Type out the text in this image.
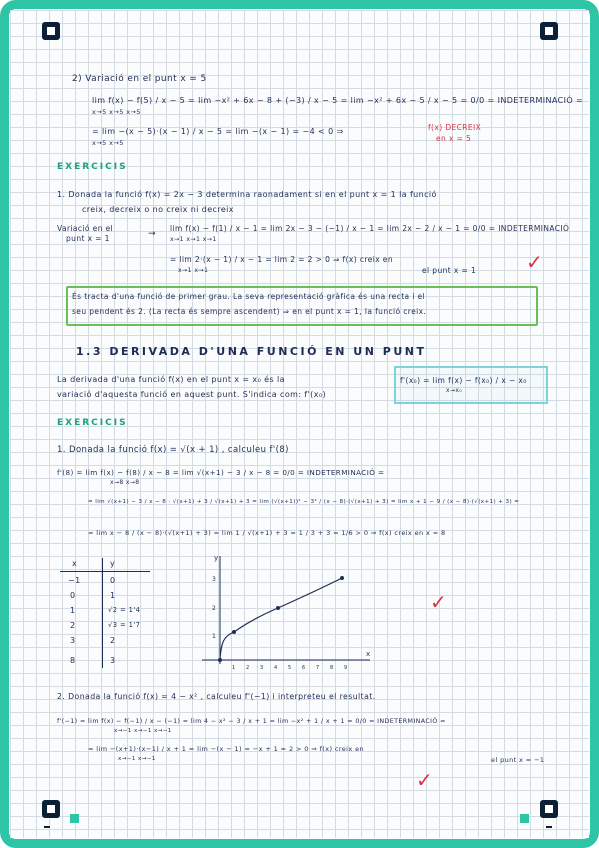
2) Variació en el punt x = 5
lim f(x) − f(5) / x − 5 = lim −x² + 6x − 8 + (−3) / x − 5 = lim −x² + 6x − 5 / x − 5 = 0/0 = INDETERMINACIÓ =
x→5 x→5 x→5
= lim −(x − 5)·(x − 1) / x − 5 = lim −(x − 1) = −4 < 0 ⇒
x→5 x→5
f(x) DECREIX
en x = 5
EXERCICIS
1. Donada la funció f(x) = 2x − 3 determina raonadament si en el punt x = 1 la funció
creix, decreix o no creix ni decreix
Variació en el
punt x = 1	→
lim f(x) − f(1) / x − 1 = lim 2x − 3 − (−1) / x − 1 = lim 2x − 2 / x − 1 = 0/0 = INDETERMINACIÓ
x→1 x→1 x→1
= lim 2·(x − 1) / x − 1 = lim 2 = 2 > 0 ⇒ f(x) creix en
x→1 x→1	el punt x = 1 ✓
És tracta d'una funció de primer grau. La seva representació gràfica és una recta i el
seu pendent és 2. (La recta és sempre ascendent) ⇒ en el punt x = 1, la funció creix.
1.3 DERIVADA D'UNA FUNCIÓ EN UN PUNT
La derivada d'una funció f(x) en el punt x = x₀ és la
variació d'aquesta funció en aquest punt. S'indica com: f'(x₀)
f'(x₀) = lim f(x) − f(x₀) / x − x₀
x→x₀
EXERCICIS
1. Donada la funció f(x) = √(x + 1) , calculeu f'(8)
f'(8) = lim f(x) − f(8) / x − 8 = lim √(x+1) − 3 / x − 8 = 0/0 = INDETERMINACIÓ =
x→8 x→8
= lim √(x+1) − 3 / x − 8 · √(x+1) + 3 / √(x+1) + 3 = lim (√(x+1))² − 3² / (x − 8)·(√(x+1) + 3) = lim x + 1 − 9 / (x − 8)·(√(x+1) + 3) =
= lim x − 8 / (x − 8)·(√(x+1) + 3) = lim 1 / √(x+1) + 3 = 1 / 3 + 3 = 1/6 > 0 ⇒ f(x) creix en x = 8
x	y
−1	0
0	1
1	√2 = 1'4
2	√3 = 1'7
3	2
8	3
y
x
1
2
3
1 2 3 4 5 6 7 8 9
✓
2. Donada la funció f(x) = 4 − x² , calculeu f'(−1) i interpreteu el resultat.
f'(−1) = lim f(x) − f(−1) / x − (−1) = lim 4 − x² − 3 / x + 1 = lim −x² + 1 / x + 1 = 0/0 = INDETERMINACIÓ =
x→−1 x→−1 x→−1
= lim −(x+1)·(x−1) / x + 1 = lim −(x − 1) = −x + 1 = 2 > 0 ⇒ f(x) creix en
x→−1 x→−1	el punt x = −1
✓
